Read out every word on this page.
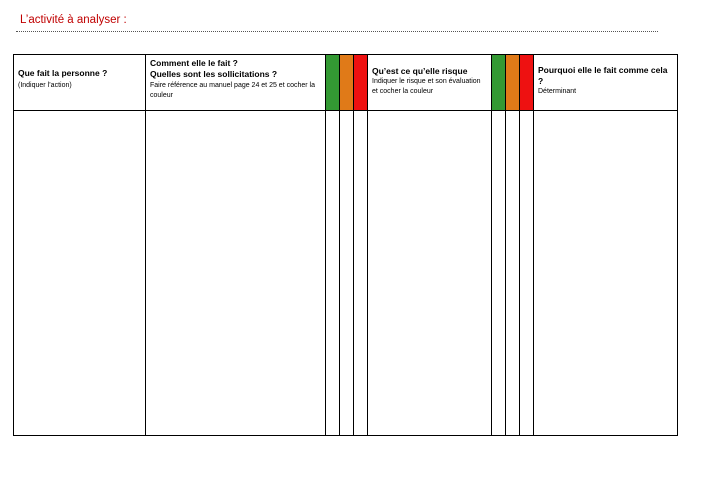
L’activité à analyser :
Que fait la personne ?
(Indiquer l’action)
Comment elle le fait ?
Quelles sont les sollicitations ?
Faire référence au manuel page 24 et 25 et cocher la couleur
Qu’est ce qu’elle risque
Indiquer le risque et son évaluation et cocher la couleur
Pourquoi elle le fait comme cela ?
Déterminant
